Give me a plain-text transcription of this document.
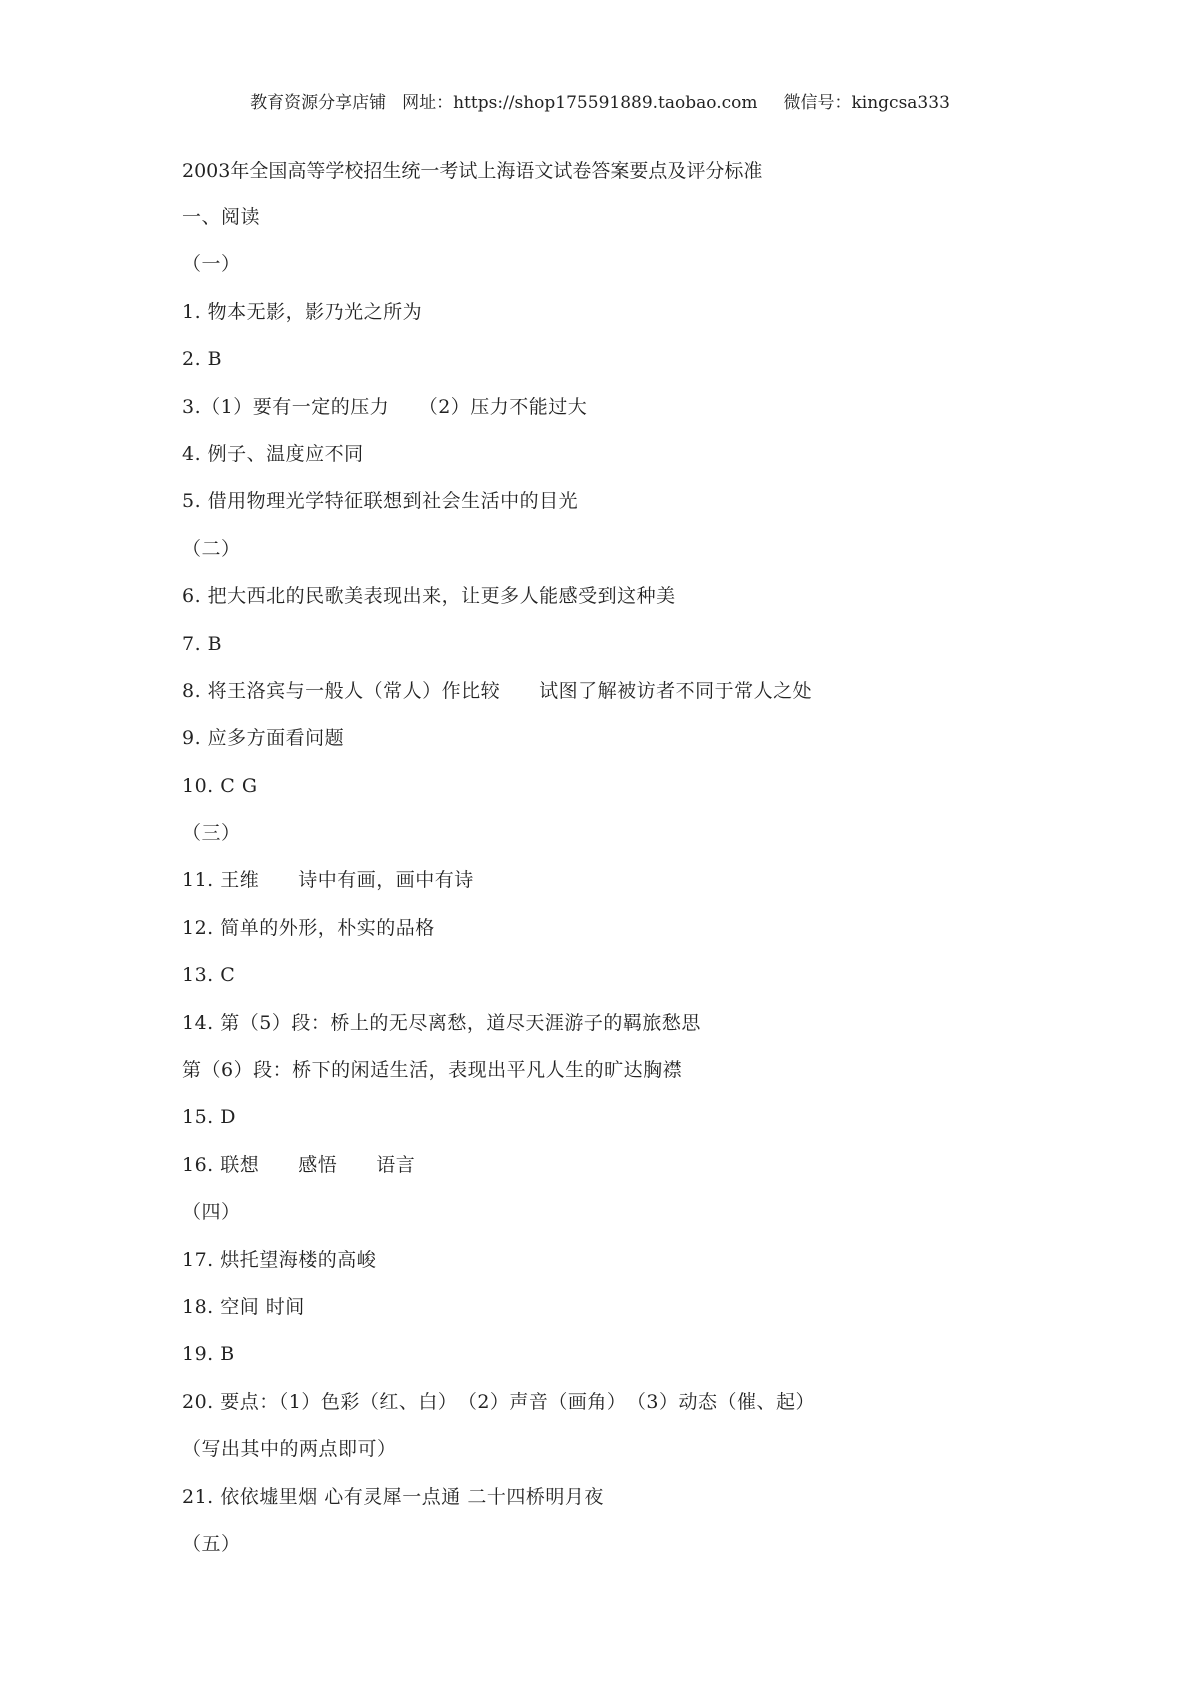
教育资源分享店铺 网址：https://shop175591889.taobao.com 微信号：kingcsa333
2003年全国高等学校招生统一考试上海语文试卷答案要点及评分标准
一、阅读
（一）
1. 物本无影，影乃光之所为
2. B
3.（1）要有一定的压力　　（2）压力不能过大
4. 例子、温度应不同
5. 借用物理光学特征联想到社会生活中的目光
（二）
6. 把大西北的民歌美表现出来，让更多人能感受到这种美
7. B
8. 将王洛宾与一般人（常人）作比较　　试图了解被访者不同于常人之处
9. 应多方面看问题
10. C G
（三）
11. 王维　　诗中有画，画中有诗
12. 简单的外形，朴实的品格
13. C
14. 第（5）段：桥上的无尽离愁，道尽天涯游子的羁旅愁思
第（6）段：桥下的闲适生活，表现出平凡人生的旷达胸襟
15. D
16. 联想　　感悟　　语言
（四）
17. 烘托望海楼的高峻
18. 空间 时间
19. B
20. 要点：（1）色彩（红、白）　（2）声音（画角）　（3）动态（催、起）
（写出其中的两点即可）
21. 依依墟里烟 心有灵犀一点通 二十四桥明月夜
（五）
